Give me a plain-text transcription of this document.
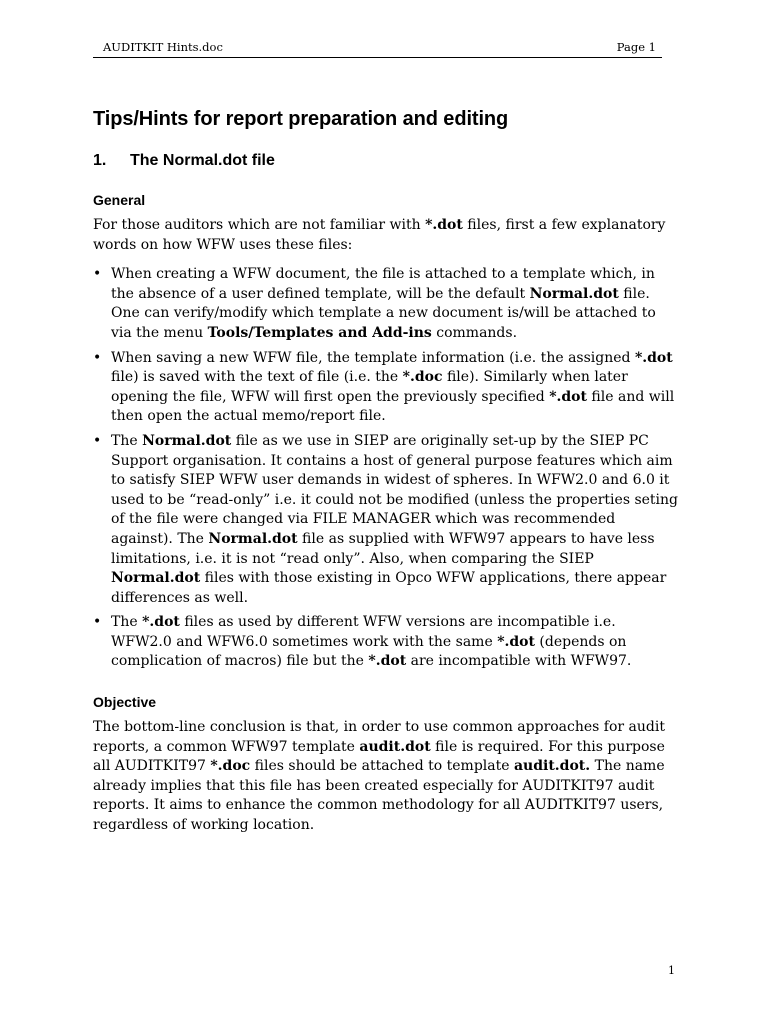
AUDITKIT Hints.doc	Page 1
Tips/Hints for report preparation and editing
1.	The Normal.dot file
General

For those auditors which are not familiar with *.dot files, first a few explanatory words on how WFW uses these files:

• When creating a WFW document, the file is attached to a template which, in the absence of a user defined template, will be the default Normal.dot file. One can verify/modify which template a new document is/will be attached to via the menu Tools/Templates and Add-ins commands.
• When saving a new WFW file, the template information (i.e. the assigned *.dot file) is saved with the text of file (i.e. the *.doc file). Similarly when later opening the file, WFW will first open the previously specified *.dot file and will then open the actual memo/report file.
• The Normal.dot file as we use in SIEP are originally set-up by the SIEP PC Support organisation. It contains a host of general purpose features which aim to satisfy SIEP WFW user demands in widest of spheres. In WFW2.0 and 6.0 it used to be “read-only” i.e. it could not be modified (unless the properties seting of the file were changed via FILE MANAGER which was recommended against). The Normal.dot file as supplied with WFW97 appears to have less limitations, i.e. it is not “read only”. Also, when comparing the SIEP Normal.dot files with those existing in Opco WFW applications, there appear differences as well.
• The *.dot files as used by different WFW versions are incompatible i.e. WFW2.0 and WFW6.0 sometimes work with the same *.dot (depends on complication of macros) file but the *.dot are incompatible with WFW97.
Objective

The bottom-line conclusion is that, in order to use common approaches for audit reports, a common WFW97 template audit.dot file is required. For this purpose all AUDITKIT97 *.doc files should be attached to template audit.dot. The name already implies that this file has been created especially for AUDITKIT97 audit reports. It aims to enhance the common methodology for all AUDITKIT97 users, regardless of working location.

1
